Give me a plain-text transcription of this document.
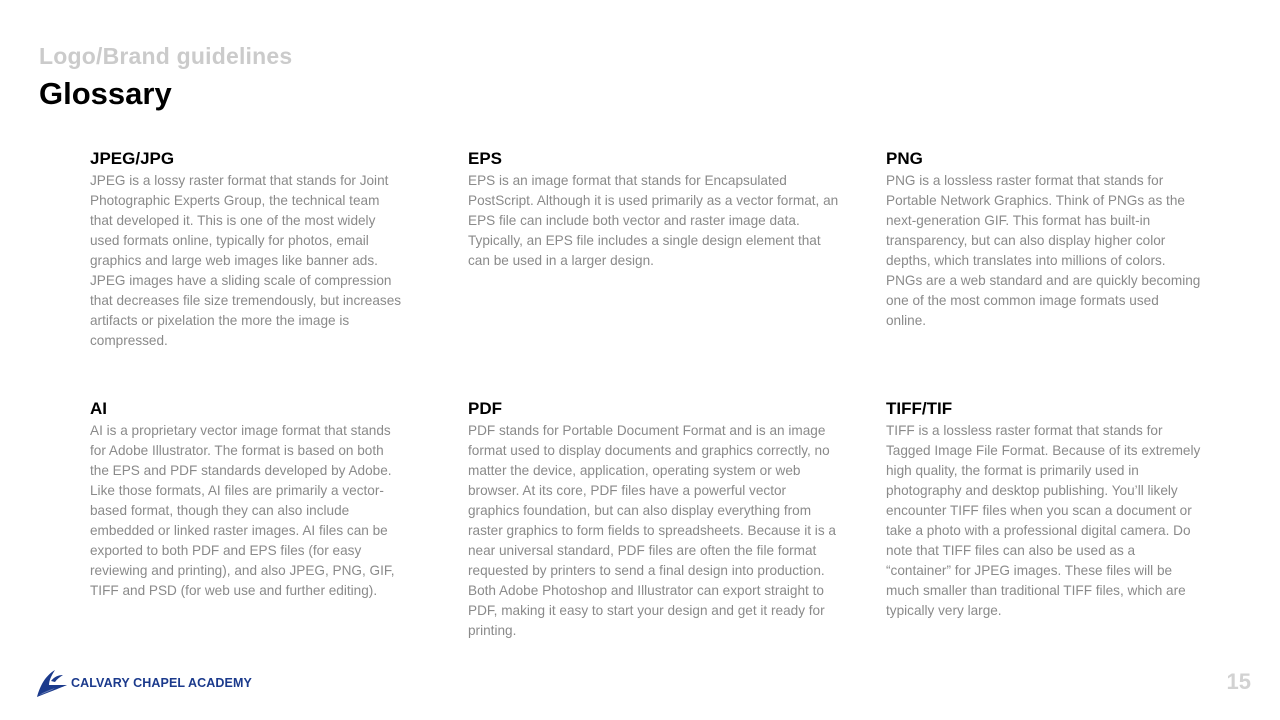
Logo/Brand guidelines
Glossary
JPEG/JPG

JPEG is a lossy raster format that stands for Joint Photographic Experts Group, the technical team that developed it. This is one of the most widely used formats online, typically for photos, email graphics and large web images like banner ads. JPEG images have a sliding scale of compression that decreases file size tremendously, but increases artifacts or pixelation the more the image is compressed.

EPS

EPS is an image format that stands for Encapsulated PostScript. Although it is used primarily as a vector format, an EPS file can include both vector and raster image data. Typically, an EPS file includes a single design element that can be used in a larger design.

PNG

PNG is a lossless raster format that stands for Portable Network Graphics. Think of PNGs as the next-generation GIF. This format has built-in transparency, but can also display higher color depths, which translates into millions of colors. PNGs are a web standard and are quickly becoming one of the most common image formats used online.

AI

AI is a proprietary vector image format that stands for Adobe Illustrator. The format is based on both the EPS and PDF standards developed by Adobe. Like those formats, AI files are primarily a vector-based format, though they can also include embedded or linked raster images. AI files can be exported to both PDF and EPS files (for easy reviewing and printing), and also JPEG, PNG, GIF, TIFF and PSD (for web use and further editing).

PDF

PDF stands for Portable Document Format and is an image format used to display documents and graphics correctly, no matter the device, application, operating system or web browser. At its core, PDF files have a powerful vector graphics foundation, but can also display everything from raster graphics to form fields to spreadsheets. Because it is a near universal standard, PDF files are often the file format requested by printers to send a final design into production. Both Adobe Photoshop and Illustrator can export straight to PDF, making it easy to start your design and get it ready for printing.

TIFF/TIF

TIFF is a lossless raster format that stands for Tagged Image File Format. Because of its extremely high quality, the format is primarily used in photography and desktop publishing. You’ll likely encounter TIFF files when you scan a document or take a photo with a professional digital camera. Do note that TIFF files can also be used as a “container” for JPEG images. These files will be much smaller than traditional TIFF files, which are typically very large.

CALVARY CHAPEL ACADEMY	15
